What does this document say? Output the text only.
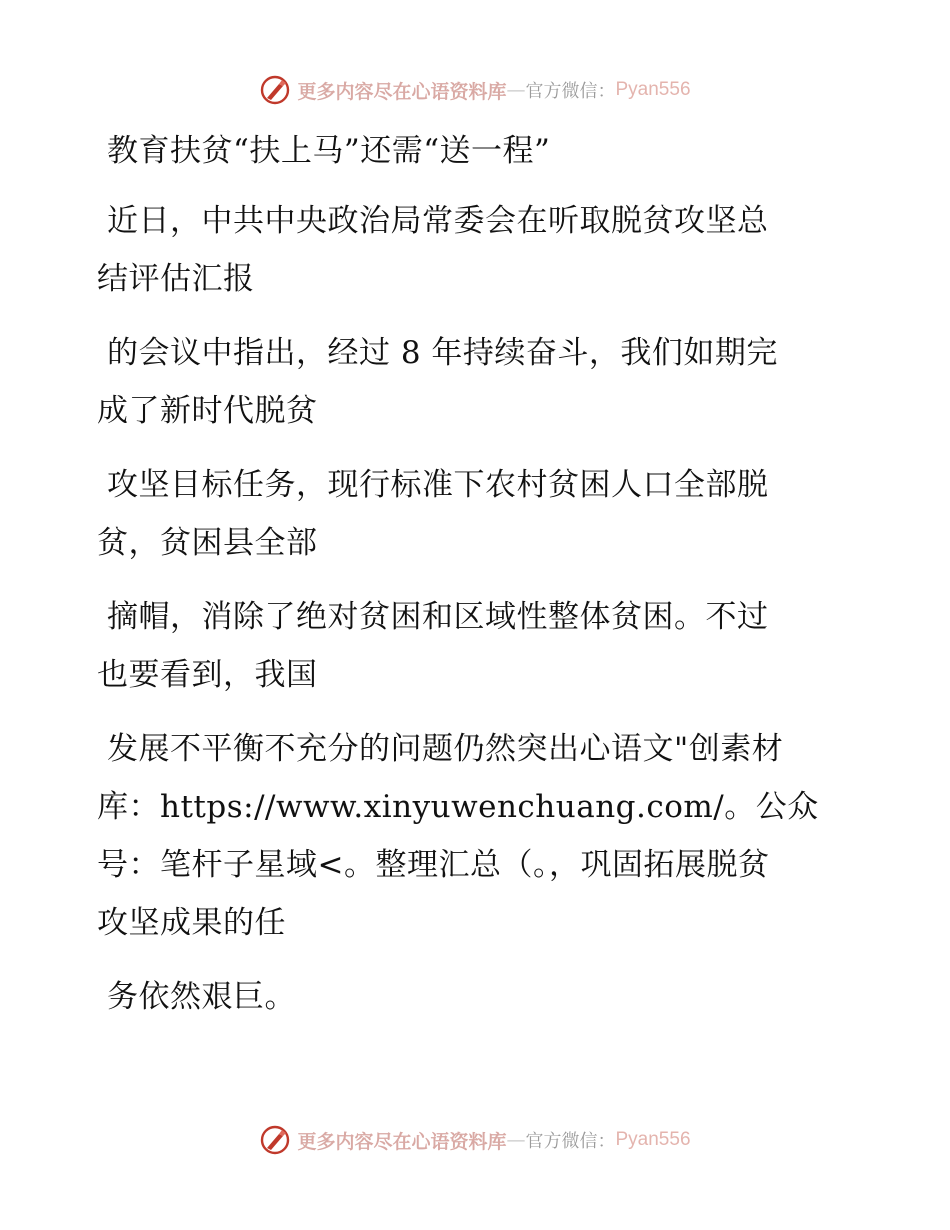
更多内容尽在心语资料库 — 官方微信： Pyan556
教育扶贫“扶上马”还需“送一程”
近日，中共中央政治局常委会在听取脱贫攻坚总
结评估汇报
的会议中指出，经过 8 年持续奋斗，我们如期完
成了新时代脱贫
攻坚目标任务，现行标准下农村贫困人口全部脱
贫，贫困县全部
摘帽，消除了绝对贫困和区域性整体贫困。不过
也要看到，我国
发展不平衡不充分的问题仍然突出心语文"创素材
库：https://www.xinyuwenchuang.com/。公众
号：笔杆子星域<。整理汇总（。，巩固拓展脱贫
攻坚成果的任
务依然艰巨。
更多内容尽在心语资料库 — 官方微信： Pyan556
